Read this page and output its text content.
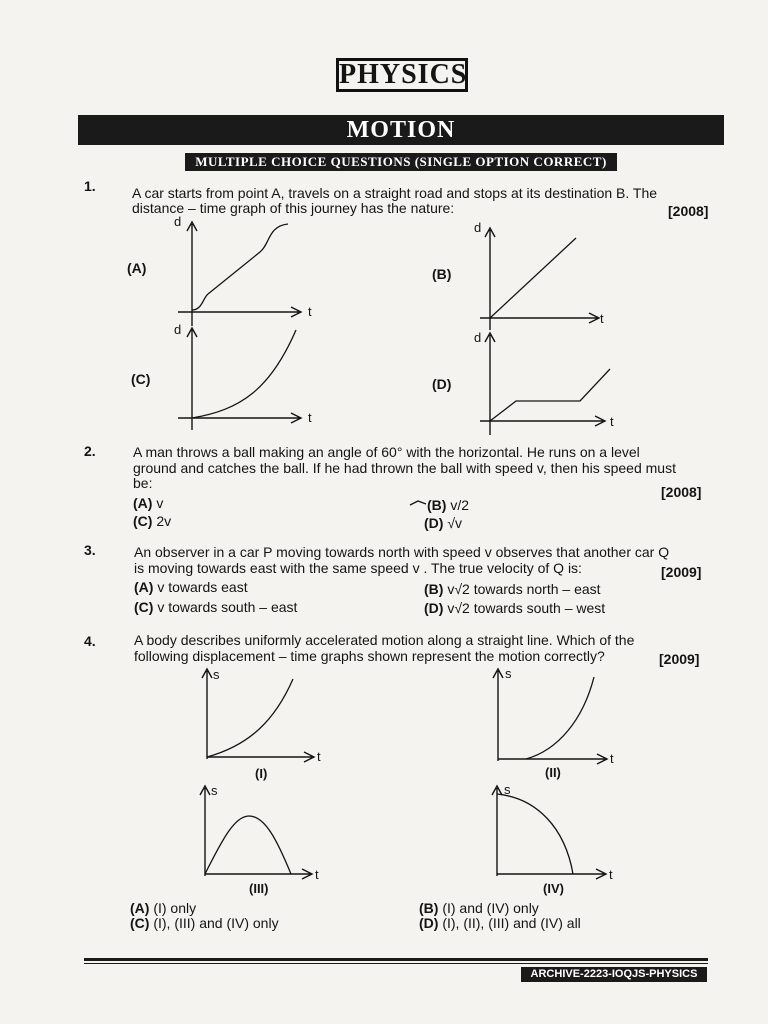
PHYSICS
MOTION
MULTIPLE CHOICE QUESTIONS (SINGLE OPTION CORRECT)
1.	A car starts from point A, travels on a straight road and stops at its destination B. The
distance – time graph of this journey has the nature:	[2008]
(A)
d
t
(B)
d
t
(C)
d
t
(D)
d
t
2.	A man throws a ball making an angle of 60° with the horizontal. He runs on a level
ground and catches the ball. If he had thrown the ball with speed v, then his speed must
be:
[2008]
(A) v	(B) v/2
(C) 2v	(D) √v
3.	An observer in a car P moving towards north with speed v observes that another car Q
is moving towards east with the same speed v . The true velocity of Q is:	[2009]
(A) v towards east	(B) v√2 towards north – east
(C) v towards south – east	(D) v√2 towards south – west
4.	A body describes uniformly accelerated motion along a straight line. Which of the
following displacement – time graphs shown represent the motion correctly?	[2009]
s
t
(I)
s
t
(II)
s
t
(III)
s
t
(IV)
(A) (I) only	(B) (I) and (IV) only
(C) (I), (III) and (IV) only	(D) (I), (II), (III) and (IV) all
ARCHIVE-2223-IOQJS-PHYSICS
